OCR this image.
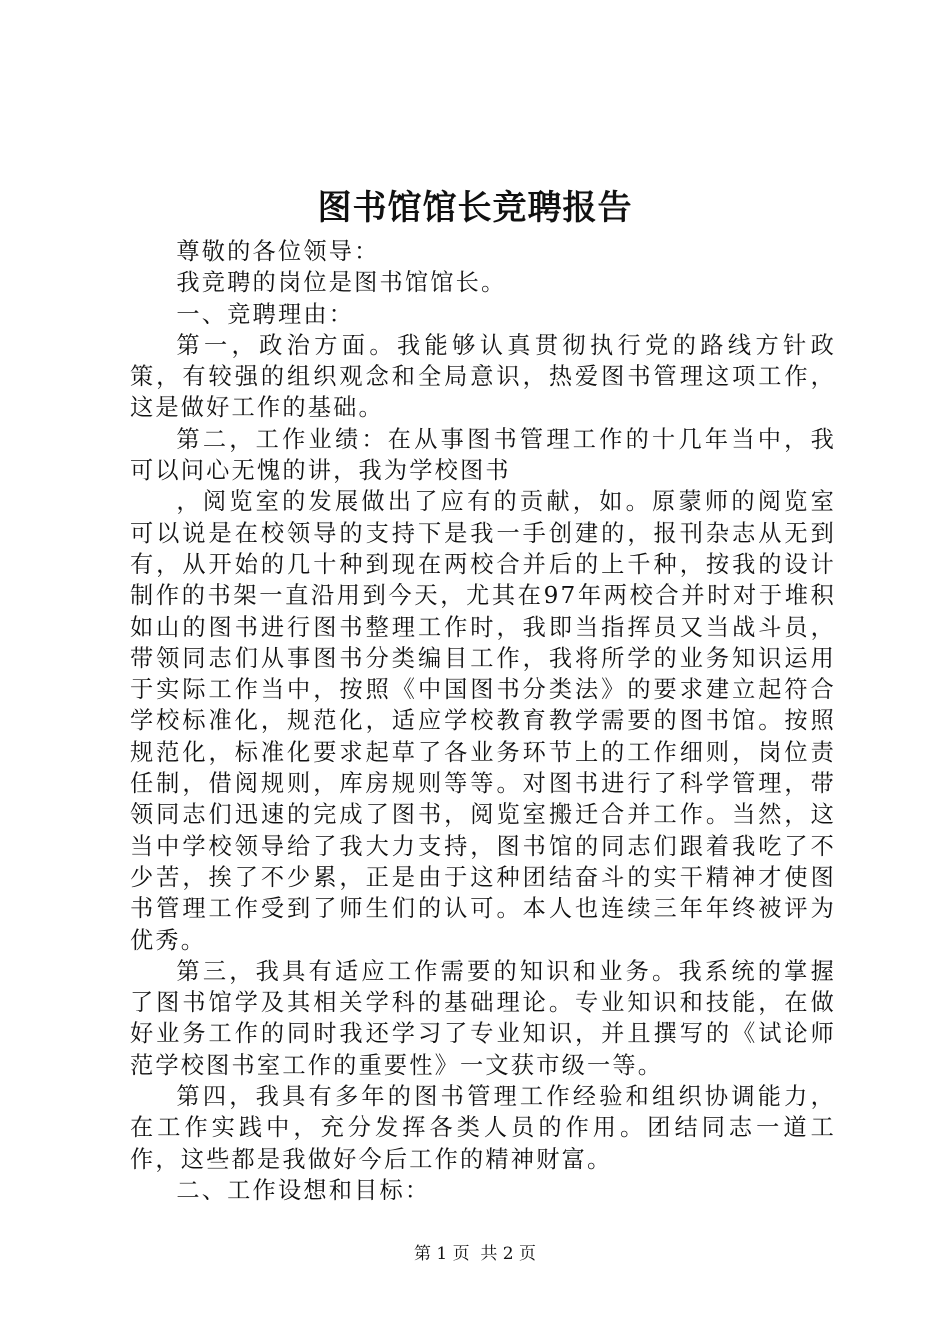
图书馆馆长竞聘报告

尊敬的各位领导：

我竞聘的岗位是图书馆馆长。

一、竞聘理由：

第一，政治方面。我能够认真贯彻执行党的路线方针政策，有较强的组织观念和全局意识，热爱图书管理这项工作，这是做好工作的基础。

第二，工作业绩：在从事图书管理工作的十几年当中，我可以问心无愧的讲，我为学校图书

，阅览室的发展做出了应有的贡献，如。原蒙师的阅览室可以说是在校领导的支持下是我一手创建的，报刊杂志从无到有，从开始的几十种到现在两校合并后的上千种，按我的设计制作的书架一直沿用到今天，尤其在97年两校合并时对于堆积如山的图书进行图书整理工作时，我即当指挥员又当战斗员，带领同志们从事图书分类编目工作，我将所学的业务知识运用于实际工作当中，按照《中国图书分类法》的要求建立起符合学校标准化，规范化，适应学校教育教学需要的图书馆。按照规范化，标准化要求起草了各业务环节上的工作细则，岗位责任制，借阅规则，库房规则等等。对图书进行了科学管理，带领同志们迅速的完成了图书，阅览室搬迁合并工作。当然，这当中学校领导给了我大力支持，图书馆的同志们跟着我吃了不少苦，挨了不少累，正是由于这种团结奋斗的实干精神才使图书管理工作受到了师生们的认可。本人也连续三年年终被评为优秀。

第三，我具有适应工作需要的知识和业务。我系统的掌握了图书馆学及其相关学科的基础理论。专业知识和技能，在做好业务工作的同时我还学习了专业知识，并且撰写的《试论师范学校图书室工作的重要性》一文获市级一等。

第四，我具有多年的图书管理工作经验和组织协调能力，在工作实践中，充分发挥各类人员的作用。团结同志一道工作，这些都是我做好今后工作的精神财富。

二、工作设想和目标：

第 1 页  共 2 页
